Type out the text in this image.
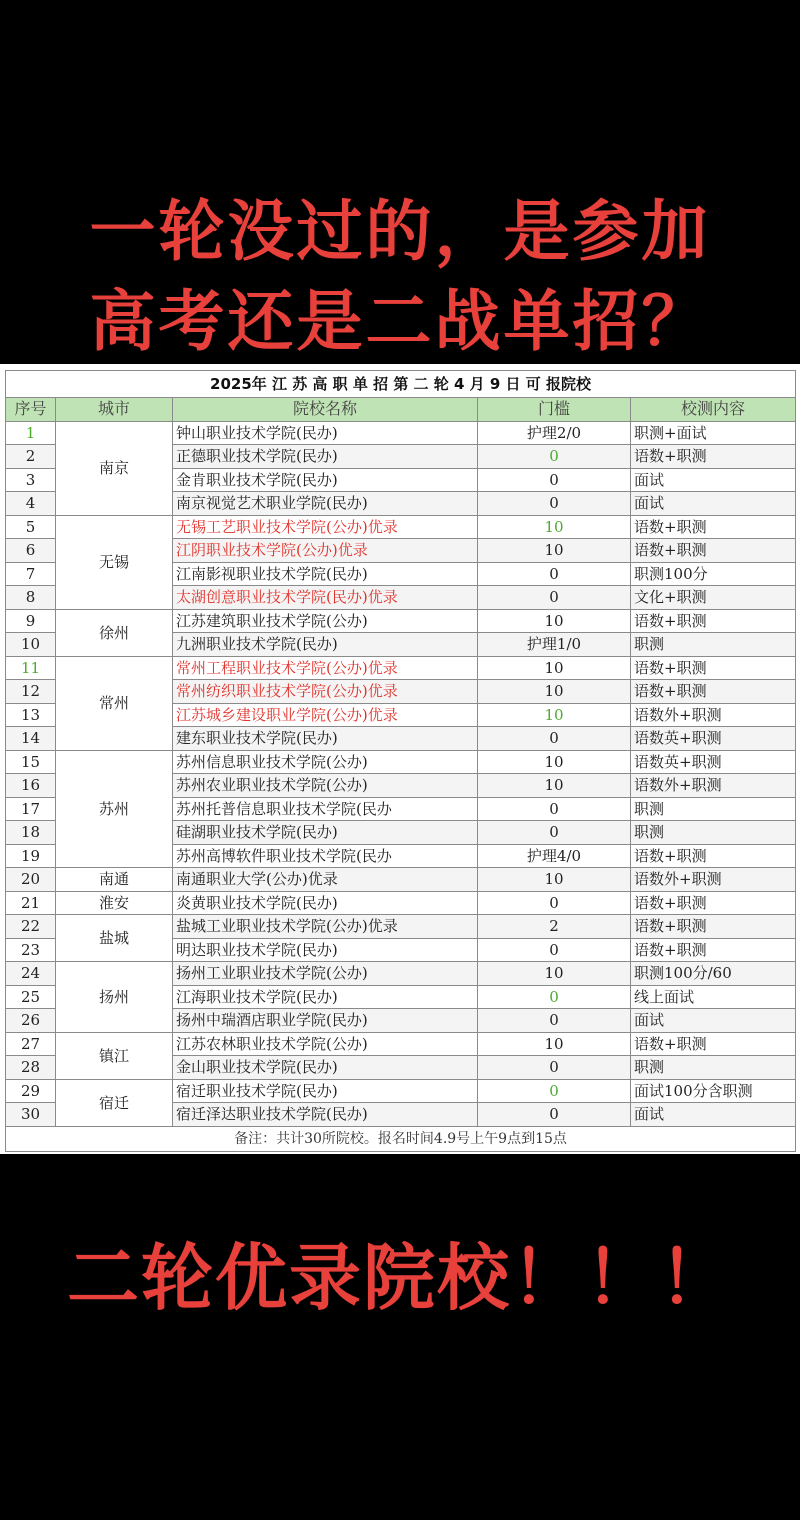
一轮没过的，是参加
高考还是二战单招？
2025年 江 苏 高 职 单 招 第 二 轮 4 月 9 日 可 报院校				
序号	城市	院校名称	门槛	校测内容
1	南京	钟山职业技术学院(民办)	护理2/0	职测+面试
2		正德职业技术学院(民办)	0	语数+职测
3		金肯职业技术学院(民办)	0	面试
4		南京视觉艺术职业学院(民办)	0	面试
5	无锡	无锡工艺职业技术学院(公办)优录	10	语数+职测
6		江阴职业技术学院(公办)优录	10	语数+职测
7		江南影视职业技术学院(民办)	0	职测100分
8		太湖创意职业技术学院(民办)优录	0	文化+职测
9	徐州	江苏建筑职业技术学院(公办)	10	语数+职测
10		九洲职业技术学院(民办)	护理1/0	职测
11	常州	常州工程职业技术学院(公办)优录	10	语数+职测
12		常州纺织职业技术学院(公办)优录	10	语数+职测
13		江苏城乡建设职业学院(公办)优录	10	语数外+职测
14		建东职业技术学院(民办)	0	语数英+职测
15	苏州	苏州信息职业技术学院(公办)	10	语数英+职测
16		苏州农业职业技术学院(公办)	10	语数外+职测
17		苏州托普信息职业技术学院(民办	0	职测
18		硅湖职业技术学院(民办)	0	职测
19		苏州高博软件职业技术学院(民办	护理4/0	语数+职测
20	南通	南通职业大学(公办)优录	10	语数外+职测
21	淮安	炎黄职业技术学院(民办)	0	语数+职测
22	盐城	盐城工业职业技术学院(公办)优录	2	语数+职测
23		明达职业技术学院(民办)	0	语数+职测
24	扬州	扬州工业职业技术学院(公办)	10	职测100分/60
25		江海职业技术学院(民办)	0	线上面试
26		扬州中瑞酒店职业学院(民办)	0	面试
27	镇江	江苏农林职业技术学院(公办)	10	语数+职测
28		金山职业技术学院(民办)	0	职测
29	宿迁	宿迁职业技术学院(民办)	0	面试100分含职测
30		宿迁泽达职业技术学院(民办)	0	面试
备注：共计30所院校。报名时间4.9号上午9点到15点				
二轮优录院校！！！
